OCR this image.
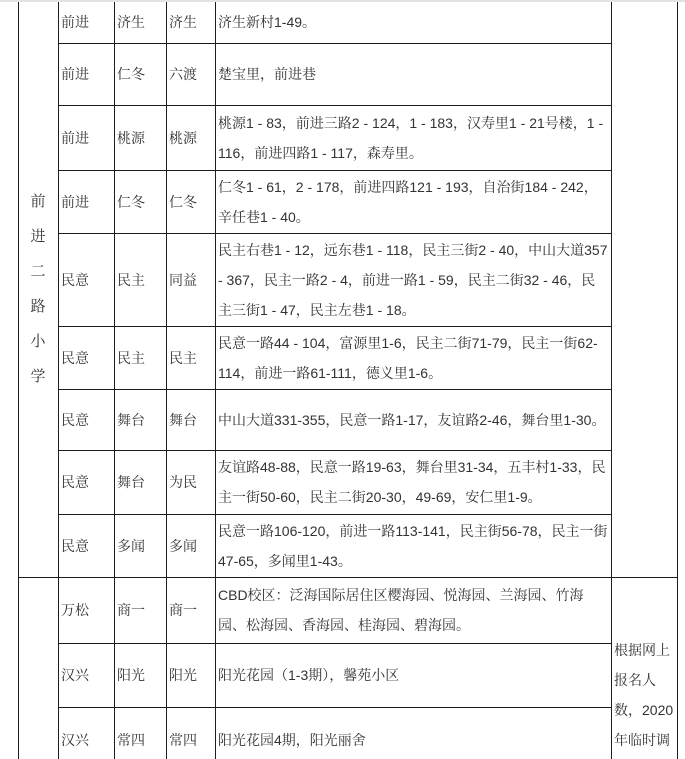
前进二路小学	前进	济生	济生	济生新村1-49。	
	前进	仁冬	六渡	楚宝里，前进巷	
	前进	桃源	桃源	桃源1 - 83，前进三路2 - 124，1 - 183，汉寿里1 - 21号楼，1 - 116，前进四路1 - 117，森寿里。	
	前进	仁冬	仁冬	仁冬1 - 61，2 - 178，前进四路121 - 193，自治街184 - 242，辛任巷1 - 40。	
	民意	民主	同益	民主右巷1 - 12，远东巷1 - 118，民主三街2 - 40，中山大道357 - 367，民主一路2 - 4，前进一路1 - 59，民主二街32 - 46，民主三街1 - 47，民主左巷1 - 18。	
	民意	民主	民主	民意一路44 - 104，富源里1-6，民主二街71-79，民主一街62-114，前进一路61-111，德义里1-6。	
	民意	舞台	舞台	中山大道331-355，民意一路1-17，友谊路2-46，舞台里1-30。	
	民意	舞台	为民	友谊路48-88，民意一路19-63，舞台里31-34，五丰村1-33，民主一街50-60，民主二街20-30，49-69，安仁里1-9。	
	民意	多闻	多闻	民意一路106-120，前进一路113-141，民主街56-78，民主一街47-65，多闻里1-43。	

	万松	商一	商一	CBD校区：泛海国际居住区樱海园、悦海园、兰海园、竹海园、松海园、香海园、桂海园、碧海园。	根据网上报名人数，2020年临时调
	汉兴	阳光	阳光	阳光花园（1-3期），馨苑小区	
	汉兴	常四	常四	阳光花园4期，阳光丽舍	
